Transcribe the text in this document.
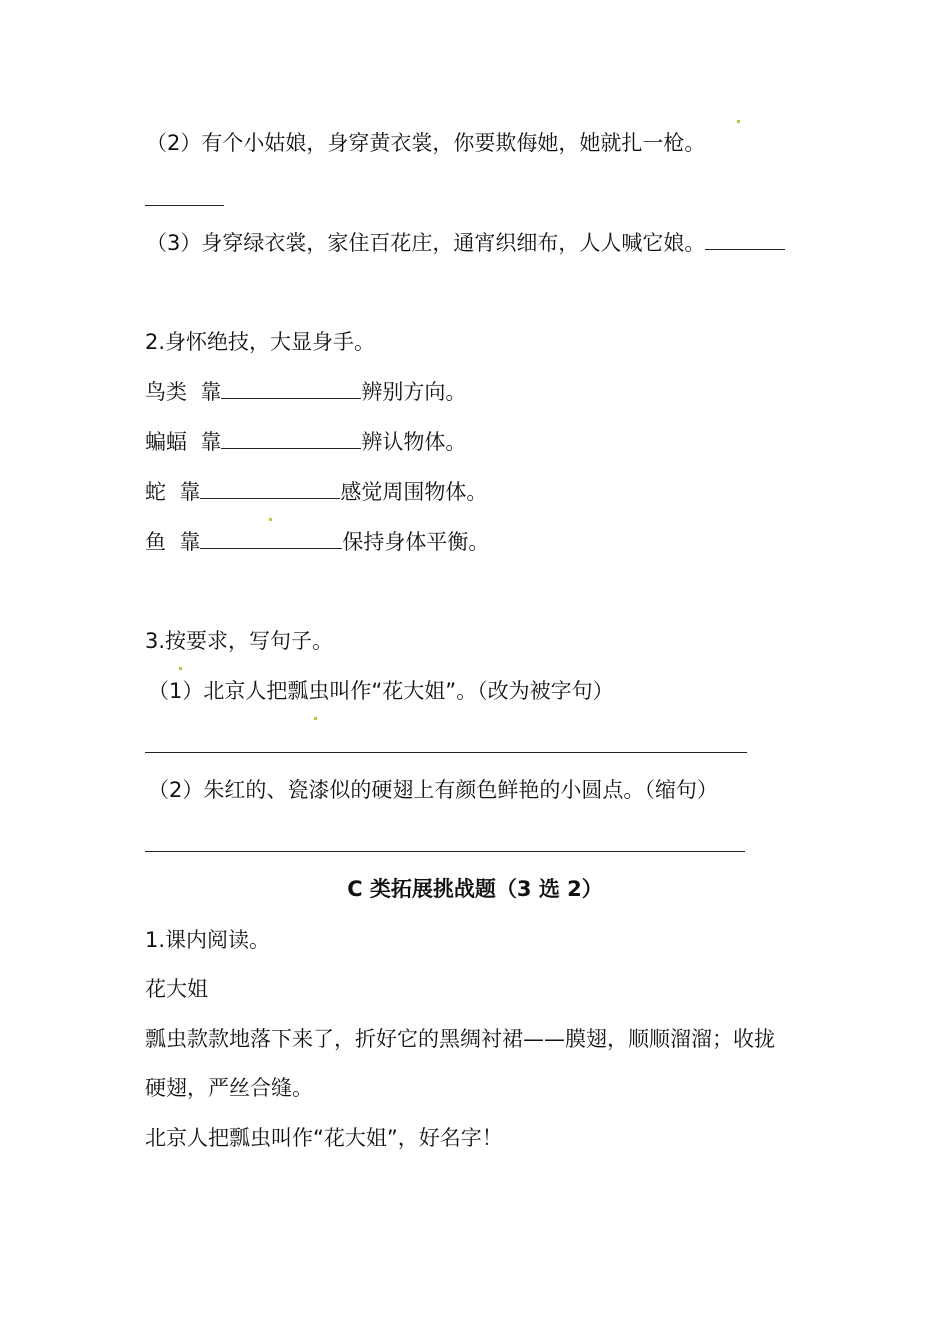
（2）有个小姑娘，身穿黄衣裳，你要欺侮她，她就扎一枪。
（3）身穿绿衣裳，家住百花庄，通宵织细布，人人喊它娘。
2.身怀绝技，大显身手。
鸟类 靠	辨别方向。
蝙蝠 靠	辨认物体。
蛇 靠	感觉周围物体。
鱼 靠	保持身体平衡。
3.按要求，写句子。
（1）北京人把瓢虫叫作“花大姐”。（改为被字句）
（2）朱红的、瓷漆似的硬翅上有颜色鲜艳的小圆点。（缩句）
C 类拓展挑战题（3 选 2）
1.课内阅读。
花大姐
瓢虫款款地落下来了，折好它的黑绸衬裙——膜翅，顺顺溜溜；收拢
硬翅，严丝合缝。
北京人把瓢虫叫作“花大姐”，好名字！
